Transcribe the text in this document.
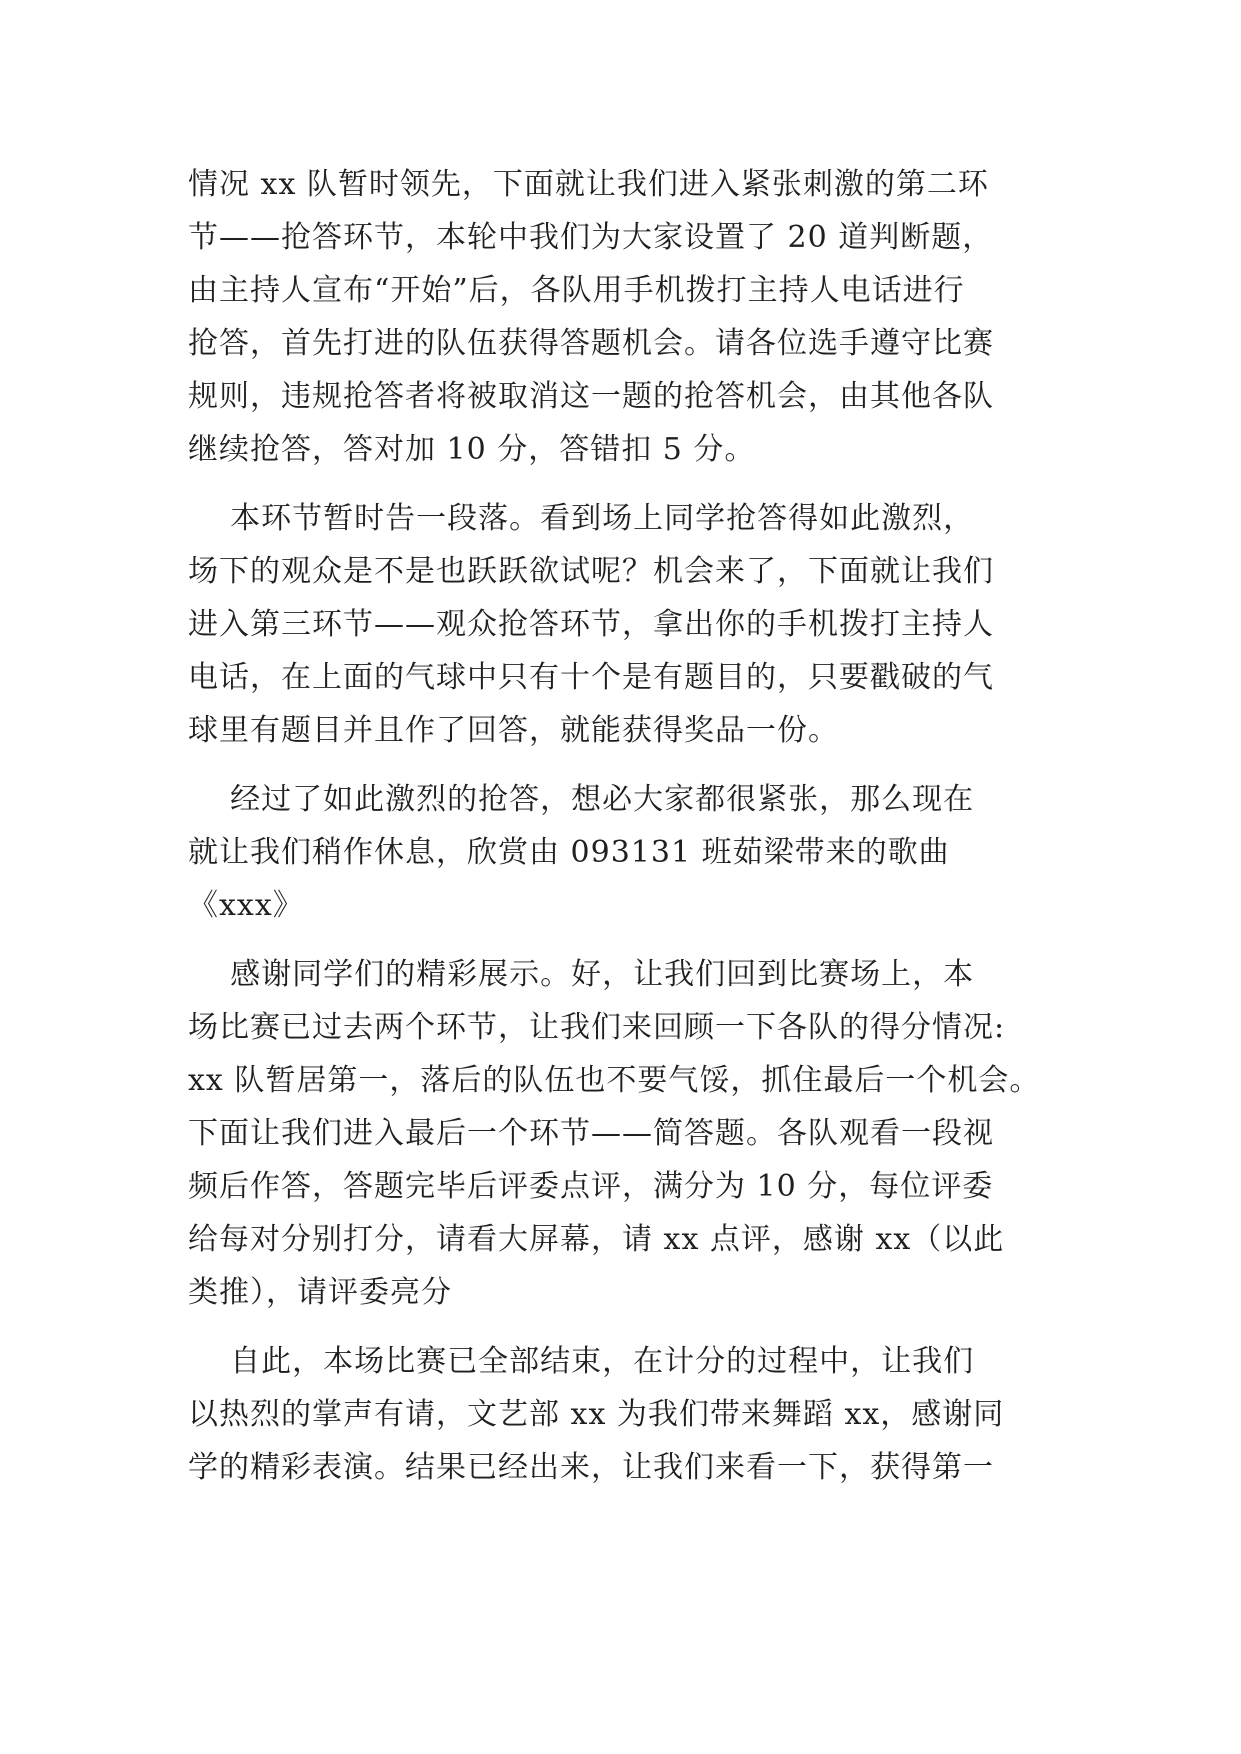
情况 xx 队暂时领先，下面就让我们进入紧张刺激的第二环
节——抢答环节，本轮中我们为大家设置了 20 道判断题，
由主持人宣布“开始”后，各队用手机拨打主持人电话进行
抢答，首先打进的队伍获得答题机会。请各位选手遵守比赛
规则，违规抢答者将被取消这一题的抢答机会，由其他各队
继续抢答，答对加 10 分，答错扣 5 分。
本环节暂时告一段落。看到场上同学抢答得如此激烈，
场下的观众是不是也跃跃欲试呢？机会来了，下面就让我们
进入第三环节——观众抢答环节，拿出你的手机拨打主持人
电话，在上面的气球中只有十个是有题目的，只要戳破的气
球里有题目并且作了回答，就能获得奖品一份。
经过了如此激烈的抢答，想必大家都很紧张，那么现在
就让我们稍作休息，欣赏由 093131 班茹梁带来的歌曲
《xxx》
感谢同学们的精彩展示。好，让我们回到比赛场上，本
场比赛已过去两个环节，让我们来回顾一下各队的得分情况:
xx 队暂居第一，落后的队伍也不要气馁，抓住最后一个机会。
下面让我们进入最后一个环节——简答题。各队观看一段视
频后作答，答题完毕后评委点评，满分为 10 分，每位评委
给每对分别打分，请看大屏幕，请 xx 点评，感谢 xx（以此
类推），请评委亮分
自此，本场比赛已全部结束，在计分的过程中，让我们
以热烈的掌声有请，文艺部 xx 为我们带来舞蹈 xx，感谢同
学的精彩表演。结果已经出来，让我们来看一下，获得第一
